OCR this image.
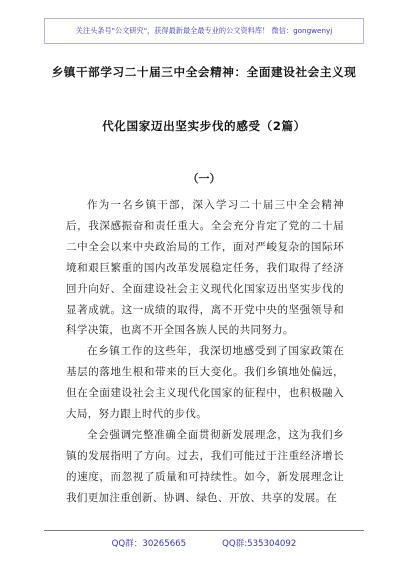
关注头条号"公文研究"，获得最新最全最专业的公文资料库！ 微信：gongwenyj
乡镇干部学习二十届三中全会精神：全面建设社会主义现
代化国家迈出坚实步伐的感受（2篇）
（一）

作为一名乡镇干部，深入学习二十届三中全会精神后，我深感振奋和责任重大。全会充分肯定了党的二十届二中全会以来中央政治局的工作，面对严峻复杂的国际环境和艰巨繁重的国内改革发展稳定任务，我们取得了经济回升向好、全面建设社会主义现代化国家迈出坚实步伐的显著成就。这一成绩的取得，离不开党中央的坚强领导和科学决策，也离不开全国各族人民的共同努力。

在乡镇工作的这些年，我深切地感受到了国家政策在基层的落地生根和带来的巨大变化。我们乡镇地处偏远，但在全面建设社会主义现代化国家的征程中，也积极融入大局，努力跟上时代的步伐。

全会强调完整准确全面贯彻新发展理念，这为我们乡镇的发展指明了方向。过去，我们可能过于注重经济增长的速度，而忽视了质量和可持续性。如今，新发展理念让我们更加注重创新、协调、绿色、开放、共享的发展。在

QQ群：30265665	QQ群:535304092
